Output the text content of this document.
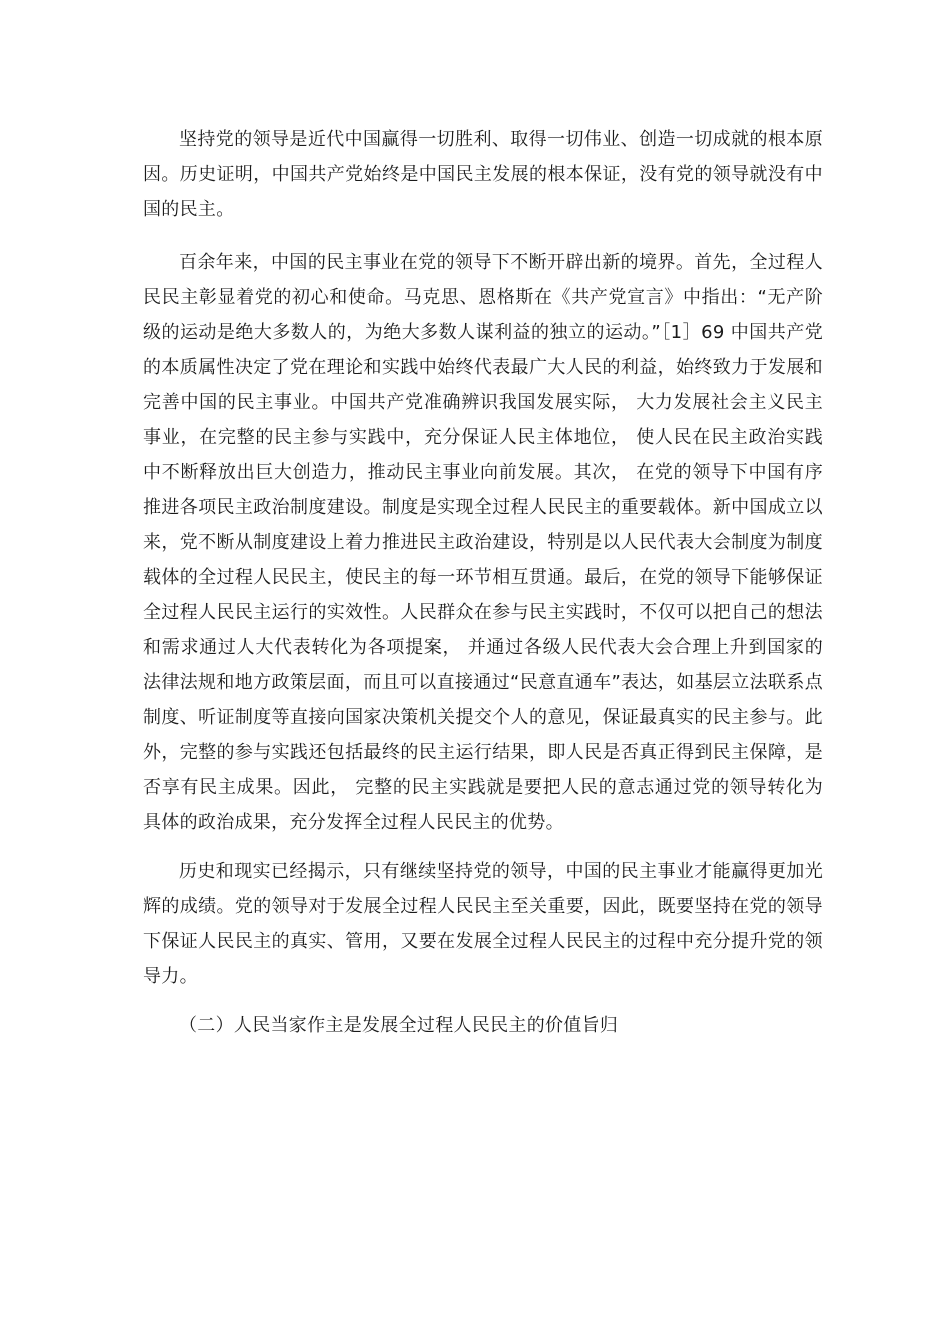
坚持党的领导是近代中国赢得一切胜利、取得一切伟业、创造一切成就的根本原因。历史证明，中国共产党始终是中国民主发展的根本保证，没有党的领导就没有中国的民主。

百余年来，中国的民主事业在党的领导下不断开辟出新的境界。首先，全过程人民民主彰显着党的初心和使命。马克思、恩格斯在《共产党宣言》中指出：“无产阶级的运动是绝大多数人的，为绝大多数人谋利益的独立的运动。”［1］69 中国共产党的本质属性决定了党在理论和实践中始终代表最广大人民的利益，始终致力于发展和完善中国的民主事业。中国共产党准确辨识我国发展实际， 大力发展社会主义民主事业，在完整的民主参与实践中，充分保证人民主体地位， 使人民在民主政治实践中不断释放出巨大创造力，推动民主事业向前发展。其次， 在党的领导下中国有序推进各项民主政治制度建设。制度是实现全过程人民民主的重要载体。新中国成立以来，党不断从制度建设上着力推进民主政治建设，特别是以人民代表大会制度为制度载体的全过程人民民主，使民主的每一环节相互贯通。最后，在党的领导下能够保证全过程人民民主运行的实效性。人民群众在参与民主实践时，不仅可以把自己的想法和需求通过人大代表转化为各项提案， 并通过各级人民代表大会合理上升到国家的法律法规和地方政策层面，而且可以直接通过“民意直通车”表达，如基层立法联系点制度、听证制度等直接向国家决策机关提交个人的意见，保证最真实的民主参与。此外，完整的参与实践还包括最终的民主运行结果，即人民是否真正得到民主保障，是否享有民主成果。因此， 完整的民主实践就是要把人民的意志通过党的领导转化为具体的政治成果，充分发挥全过程人民民主的优势。

历史和现实已经揭示，只有继续坚持党的领导，中国的民主事业才能赢得更加光辉的成绩。党的领导对于发展全过程人民民主至关重要，因此，既要坚持在党的领导下保证人民民主的真实、管用，又要在发展全过程人民民主的过程中充分提升党的领导力。

（二）人民当家作主是发展全过程人民民主的价值旨归
